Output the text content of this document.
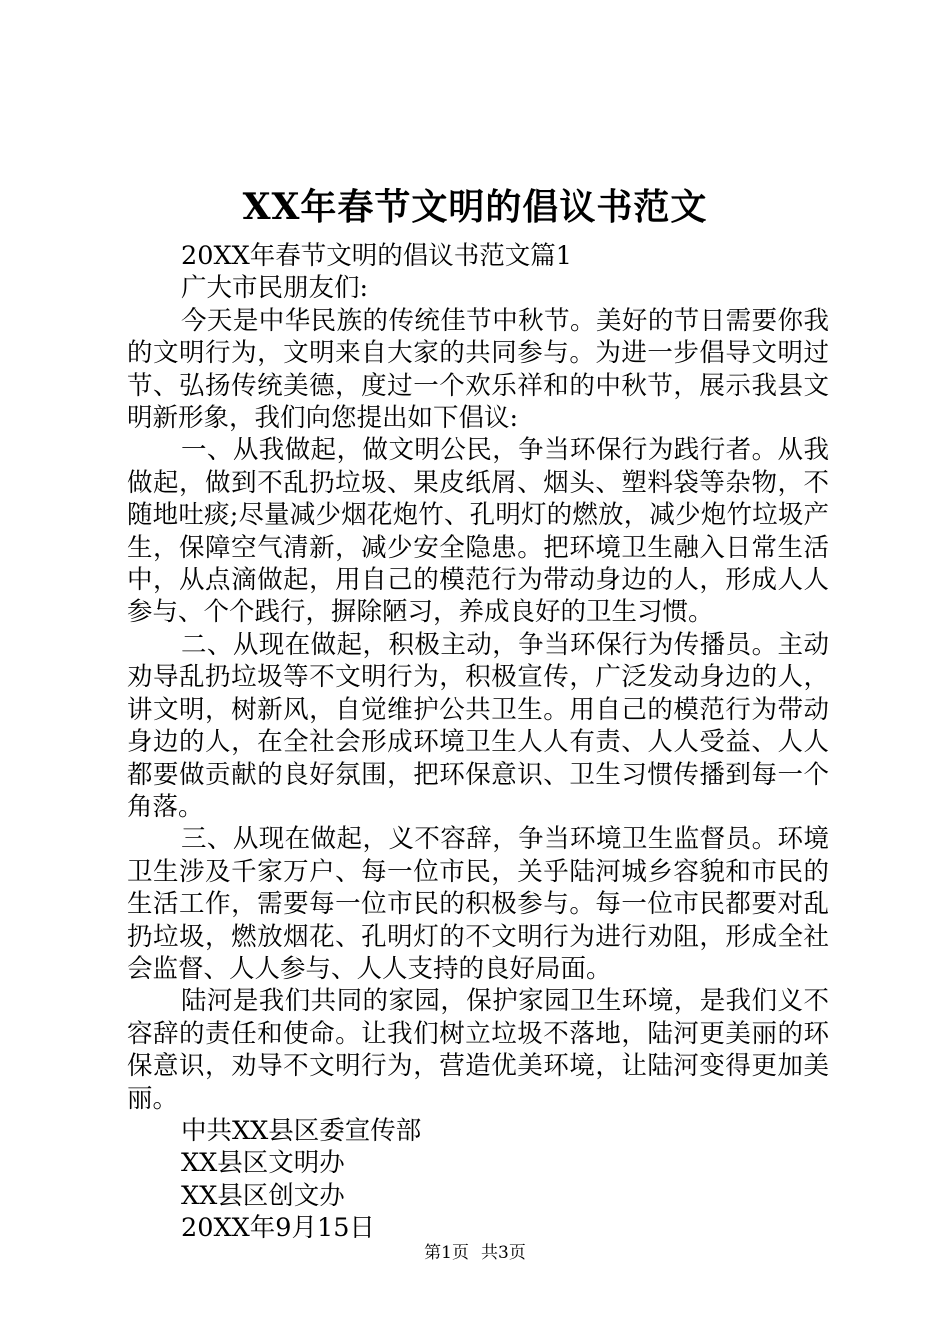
XX年春节文明的倡议书范文

20XX年春节文明的倡议书范文篇1

广大市民朋友们:

今天是中华民族的传统佳节中秋节。美好的节日需要你我的文明行为，文明来自大家的共同参与。为进一步倡导文明过节、弘扬传统美德，度过一个欢乐祥和的中秋节，展示我县文明新形象，我们向您提出如下倡议:

一、从我做起，做文明公民，争当环保行为践行者。从我做起，做到不乱扔垃圾、果皮纸屑、烟头、塑料袋等杂物，不随地吐痰;尽量减少烟花炮竹、孔明灯的燃放，减少炮竹垃圾产生，保障空气清新，减少安全隐患。把环境卫生融入日常生活中，从点滴做起，用自己的模范行为带动身边的人，形成人人参与、个个践行，摒除陋习，养成良好的卫生习惯。

二、从现在做起，积极主动，争当环保行为传播员。主动劝导乱扔垃圾等不文明行为，积极宣传，广泛发动身边的人，讲文明，树新风，自觉维护公共卫生。用自己的模范行为带动身边的人，在全社会形成环境卫生人人有责、人人受益、人人都要做贡献的良好氛围，把环保意识、卫生习惯传播到每一个角落。

三、从现在做起，义不容辞，争当环境卫生监督员。环境卫生涉及千家万户、每一位市民，关乎陆河城乡容貌和市民的生活工作，需要每一位市民的积极参与。每一位市民都要对乱扔垃圾，燃放烟花、孔明灯的不文明行为进行劝阻，形成全社会监督、人人参与、人人支持的良好局面。

陆河是我们共同的家园，保护家园卫生环境，是我们义不容辞的责任和使命。让我们树立垃圾不落地，陆河更美丽的环保意识，劝导不文明行为，营造优美环境，让陆河变得更加美丽。

中共XX县区委宣传部

XX县区文明办

XX县区创文办

20XX年9月15日

第1页 共3页
